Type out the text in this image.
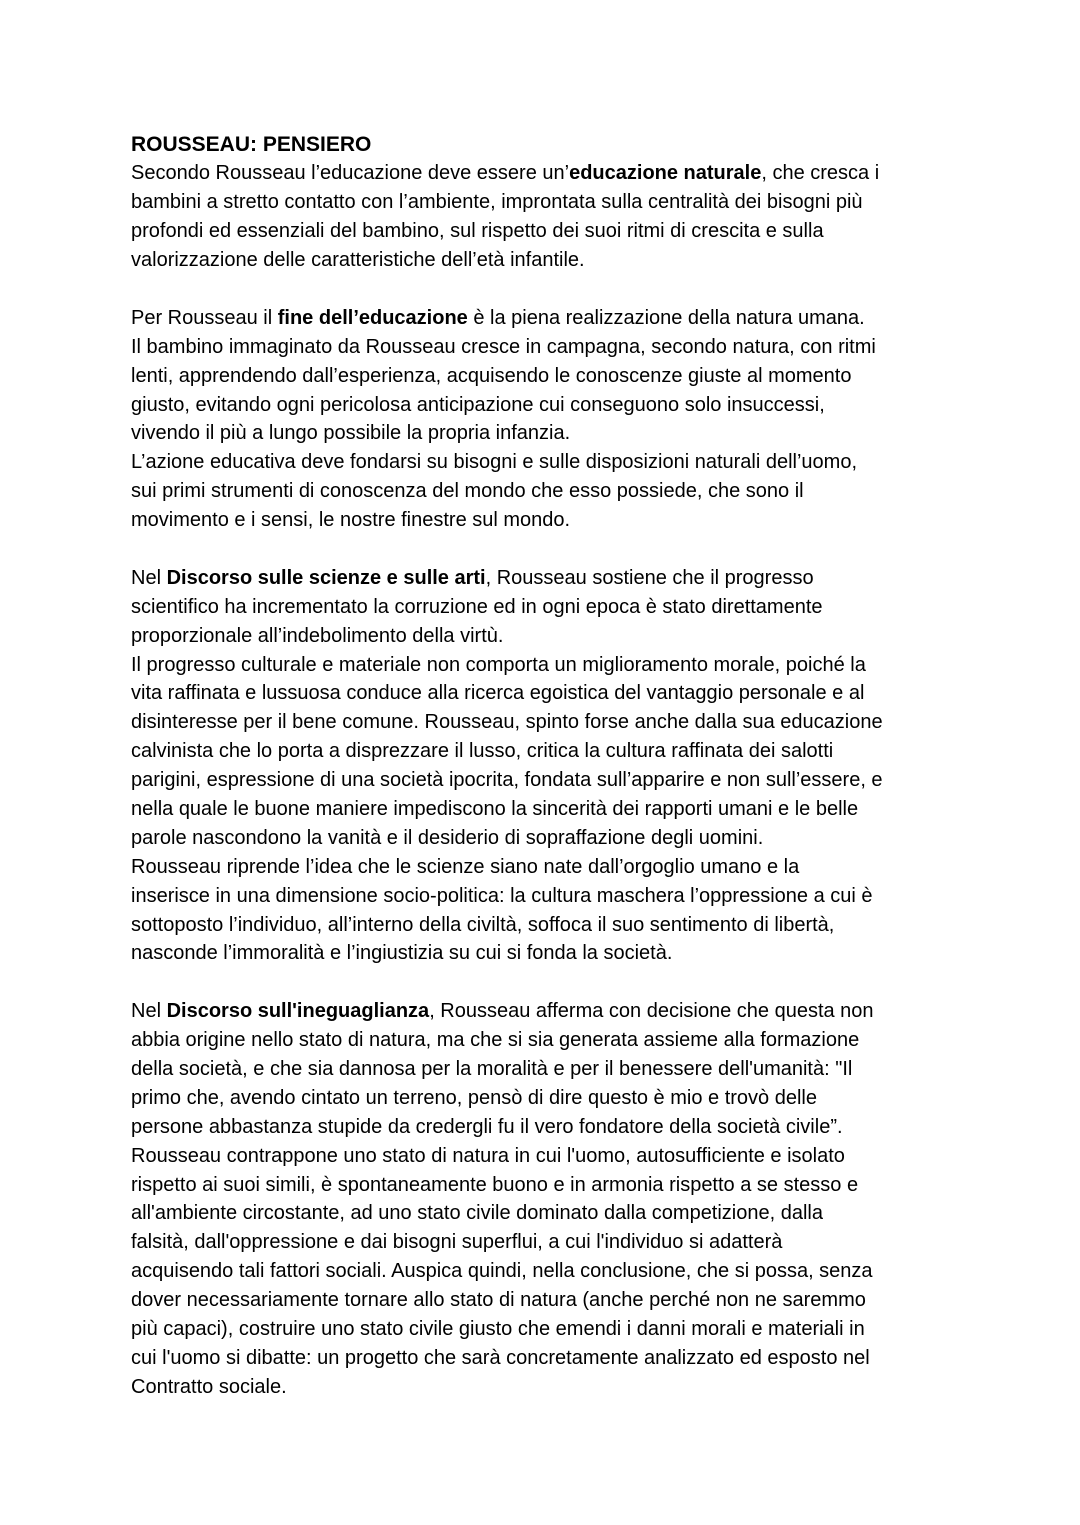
ROUSSEAU: PENSIERO
Secondo Rousseau l’educazione deve essere un’educazione naturale, che cresca i
bambini a stretto contatto con l’ambiente, improntata sulla centralità dei bisogni più
profondi ed essenziali del bambino, sul rispetto dei suoi ritmi di crescita e sulla
valorizzazione delle caratteristiche dell’età infantile.
Per Rousseau il fine dell’educazione è la piena realizzazione della natura umana.
Il bambino immaginato da Rousseau cresce in campagna, secondo natura, con ritmi
lenti, apprendendo dall’esperienza, acquisendo le conoscenze giuste al momento
giusto, evitando ogni pericolosa anticipazione cui conseguono solo insuccessi,
vivendo il più a lungo possibile la propria infanzia.
L’azione educativa deve fondarsi su bisogni e sulle disposizioni naturali dell’uomo,
sui primi strumenti di conoscenza del mondo che esso possiede, che sono il
movimento e i sensi, le nostre finestre sul mondo.
Nel Discorso sulle scienze e sulle arti, Rousseau sostiene che il progresso
scientifico ha incrementato la corruzione ed in ogni epoca è stato direttamente
proporzionale all’indebolimento della virtù.
Il progresso culturale e materiale non comporta un miglioramento morale, poiché la
vita raffinata e lussuosa conduce alla ricerca egoistica del vantaggio personale e al
disinteresse per il bene comune. Rousseau, spinto forse anche dalla sua educazione
calvinista che lo porta a disprezzare il lusso, critica la cultura raffinata dei salotti
parigini, espressione di una società ipocrita, fondata sull’apparire e non sull’essere, e
nella quale le buone maniere impediscono la sincerità dei rapporti umani e le belle
parole nascondono la vanità e il desiderio di sopraffazione degli uomini.
Rousseau riprende l’idea che le scienze siano nate dall’orgoglio umano e la
inserisce in una dimensione socio-politica: la cultura maschera l’oppressione a cui è
sottoposto l’individuo, all’interno della civiltà, soffoca il suo sentimento di libertà,
nasconde l’immoralità e l’ingiustizia su cui si fonda la società.
Nel Discorso sull'ineguaglianza, Rousseau afferma con decisione che questa non
abbia origine nello stato di natura, ma che si sia generata assieme alla formazione
della società, e che sia dannosa per la moralità e per il benessere dell'umanità: "Il
primo che, avendo cintato un terreno, pensò di dire questo è mio e trovò delle
persone abbastanza stupide da credergli fu il vero fondatore della società civile”.
Rousseau contrappone uno stato di natura in cui l'uomo, autosufficiente e isolato
rispetto ai suoi simili, è spontaneamente buono e in armonia rispetto a se stesso e
all'ambiente circostante, ad uno stato civile dominato dalla competizione, dalla
falsità, dall'oppressione e dai bisogni superflui, a cui l'individuo si adatterà
acquisendo tali fattori sociali. Auspica quindi, nella conclusione, che si possa, senza
dover necessariamente tornare allo stato di natura (anche perché non ne saremmo
più capaci), costruire uno stato civile giusto che emendi i danni morali e materiali in
cui l'uomo si dibatte: un progetto che sarà concretamente analizzato ed esposto nel
Contratto sociale.
